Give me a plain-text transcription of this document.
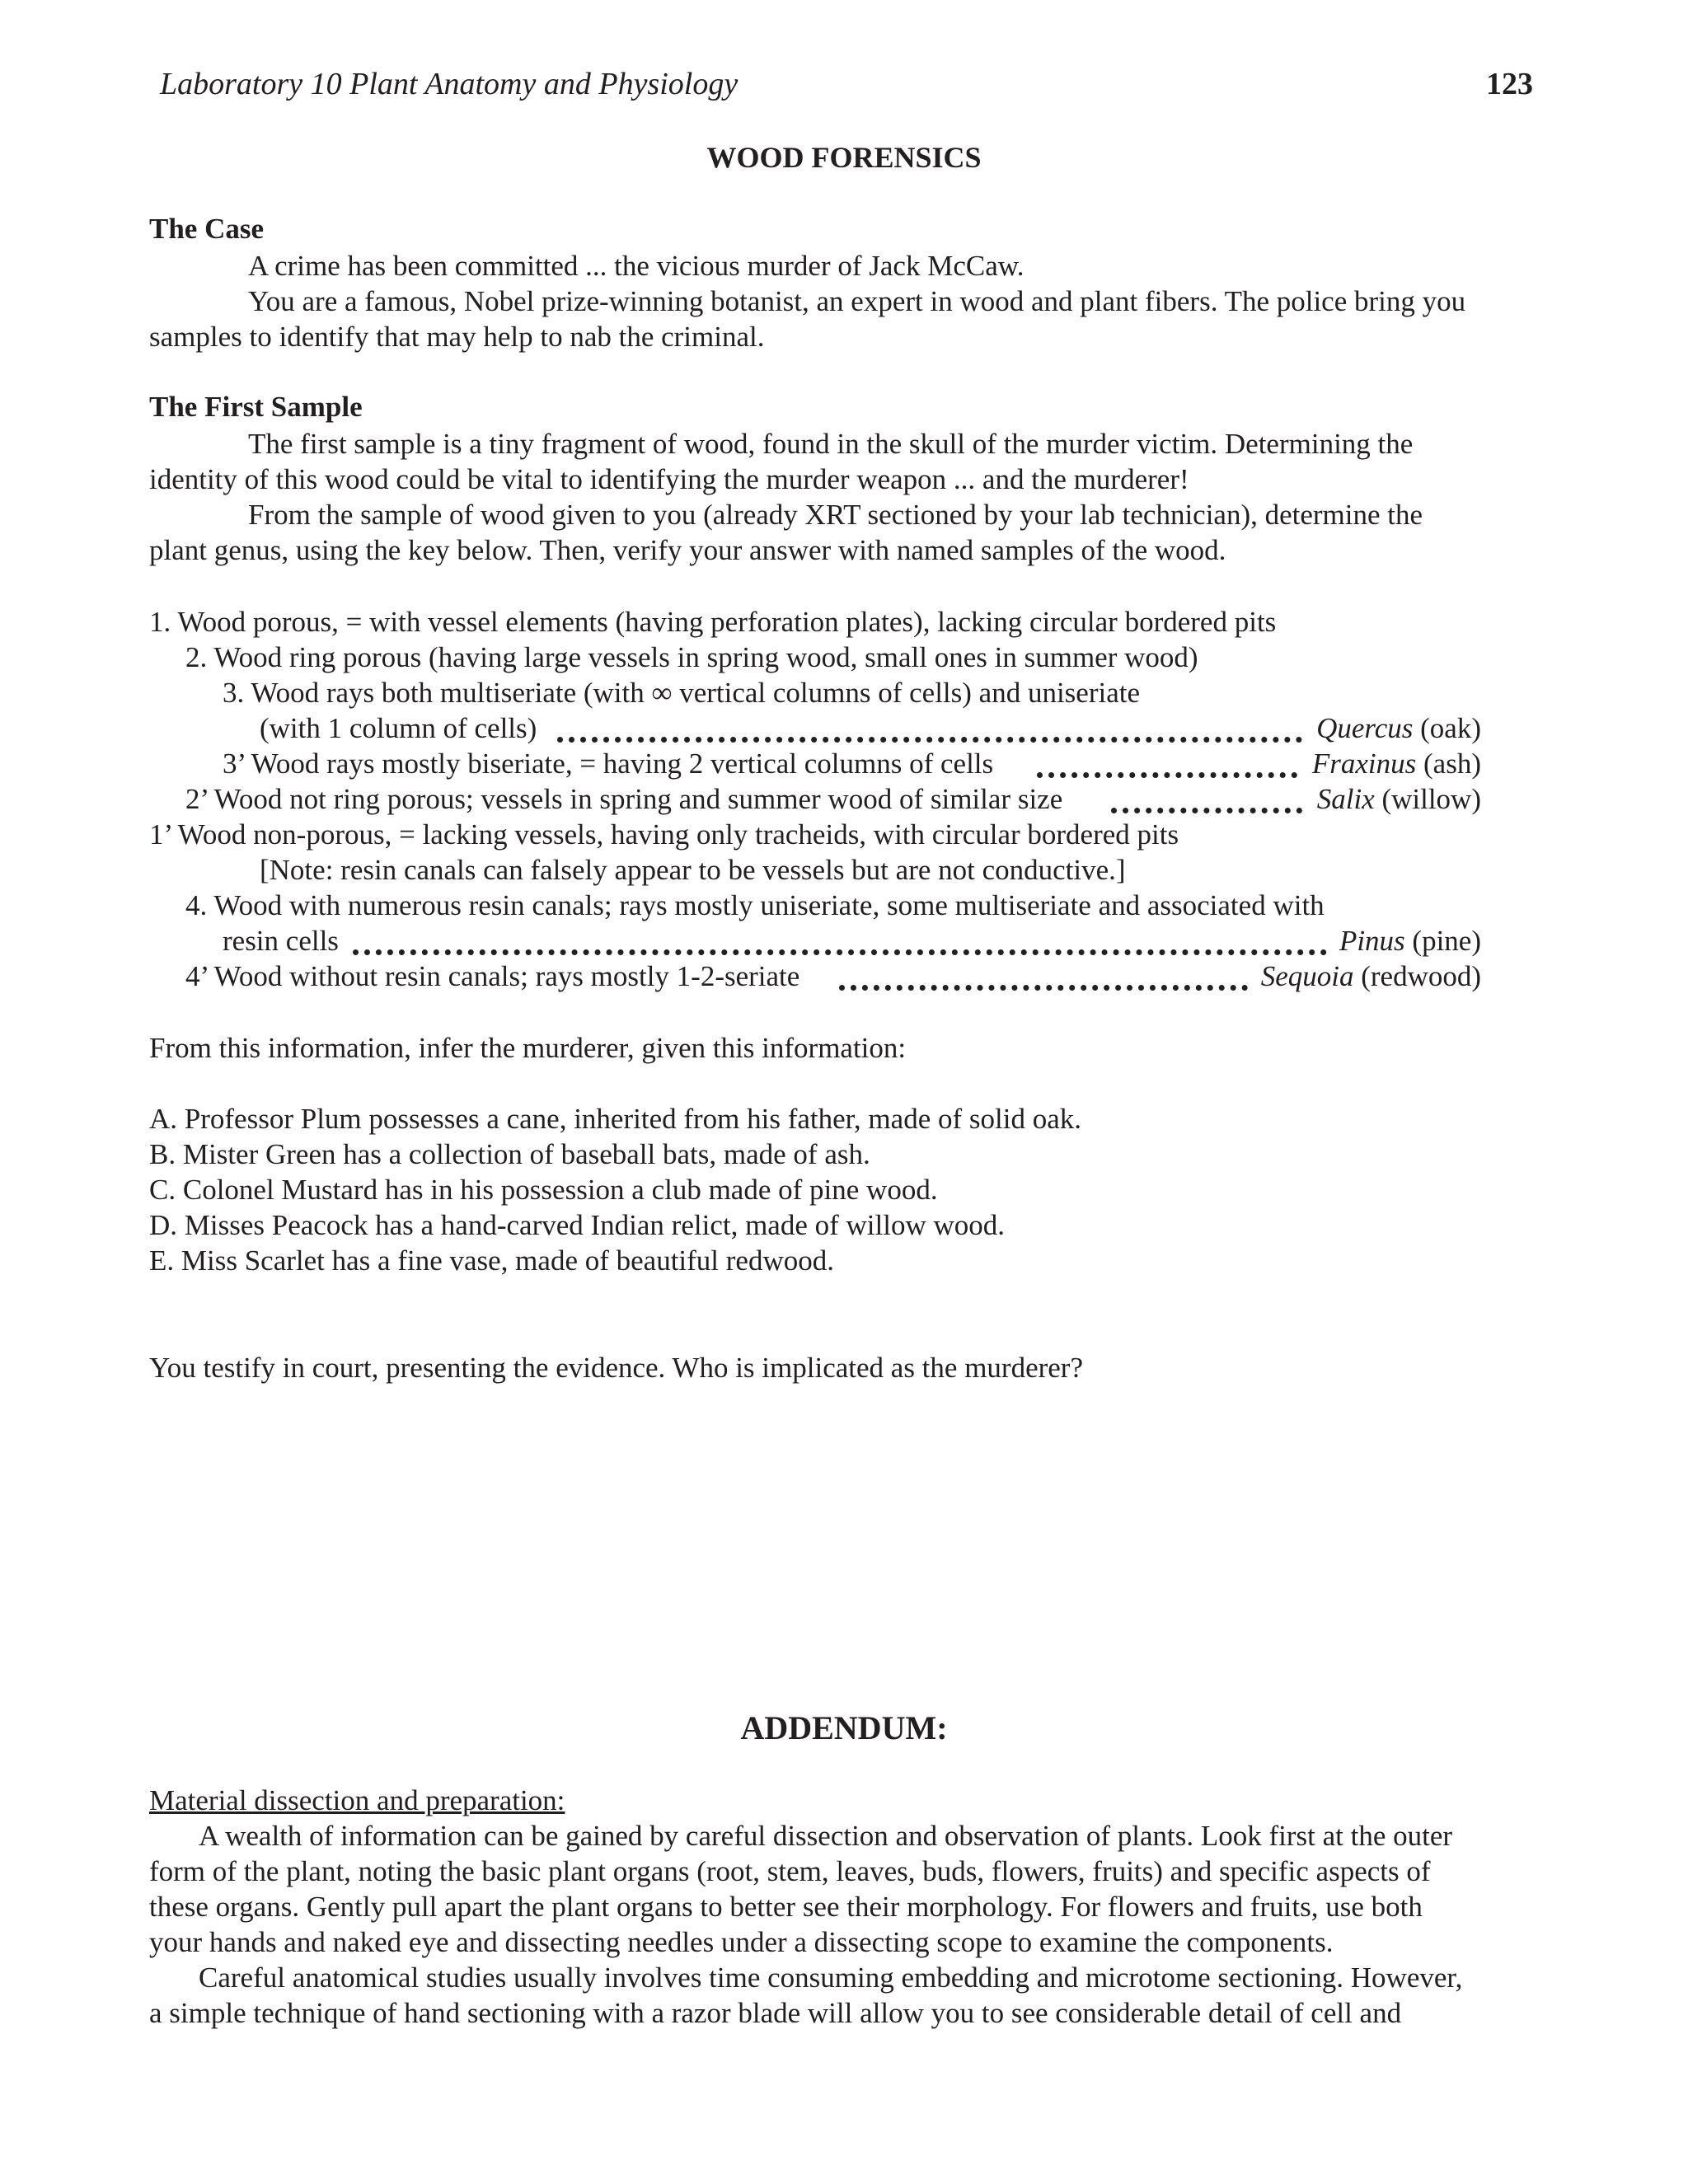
Laboratory 10 Plant Anatomy and Physiology	123
WOOD FORENSICS
The Case
A crime has been committed ... the vicious murder of Jack McCaw.
You are a famous, Nobel prize-winning botanist, an expert in wood and plant fibers. The police bring you
samples to identify that may help to nab the criminal.
The First Sample
The first sample is a tiny fragment of wood, found in the skull of the murder victim. Determining the
identity of this wood could be vital to identifying the murder weapon ... and the murderer!
From the sample of wood given to you (already XRT sectioned by your lab technician), determine the
plant genus, using the key below. Then, verify your answer with named samples of the wood.
1. Wood porous, = with vessel elements (having perforation plates), lacking circular bordered pits
2. Wood ring porous (having large vessels in spring wood, small ones in summer wood)
3. Wood rays both multiseriate (with ∞ vertical columns of cells) and uniseriate
(with 1 column of cells)	Quercus (oak)
3’ Wood rays mostly biseriate, = having 2 vertical columns of cells	Fraxinus (ash)
2’ Wood not ring porous; vessels in spring and summer wood of similar size	Salix (willow)
1’ Wood non-porous, = lacking vessels, having only tracheids, with circular bordered pits
[Note: resin canals can falsely appear to be vessels but are not conductive.]
4. Wood with numerous resin canals; rays mostly uniseriate, some multiseriate and associated with
resin cells	Pinus (pine)
4’ Wood without resin canals; rays mostly 1-2-seriate	Sequoia (redwood)
From this information, infer the murderer, given this information:
A. Professor Plum possesses a cane, inherited from his father, made of solid oak.
B. Mister Green has a collection of baseball bats, made of ash.
C. Colonel Mustard has in his possession a club made of pine wood.
D. Misses Peacock has a hand-carved Indian relict, made of willow wood.
E. Miss Scarlet has a fine vase, made of beautiful redwood.
You testify in court, presenting the evidence. Who is implicated as the murderer?
ADDENDUM:
Material dissection and preparation:
A wealth of information can be gained by careful dissection and observation of plants. Look first at the outer
form of the plant, noting the basic plant organs (root, stem, leaves, buds, flowers, fruits) and specific aspects of
these organs. Gently pull apart the plant organs to better see their morphology. For flowers and fruits, use both
your hands and naked eye and dissecting needles under a dissecting scope to examine the components.
Careful anatomical studies usually involves time consuming embedding and microtome sectioning. However,
a simple technique of hand sectioning with a razor blade will allow you to see considerable detail of cell and
